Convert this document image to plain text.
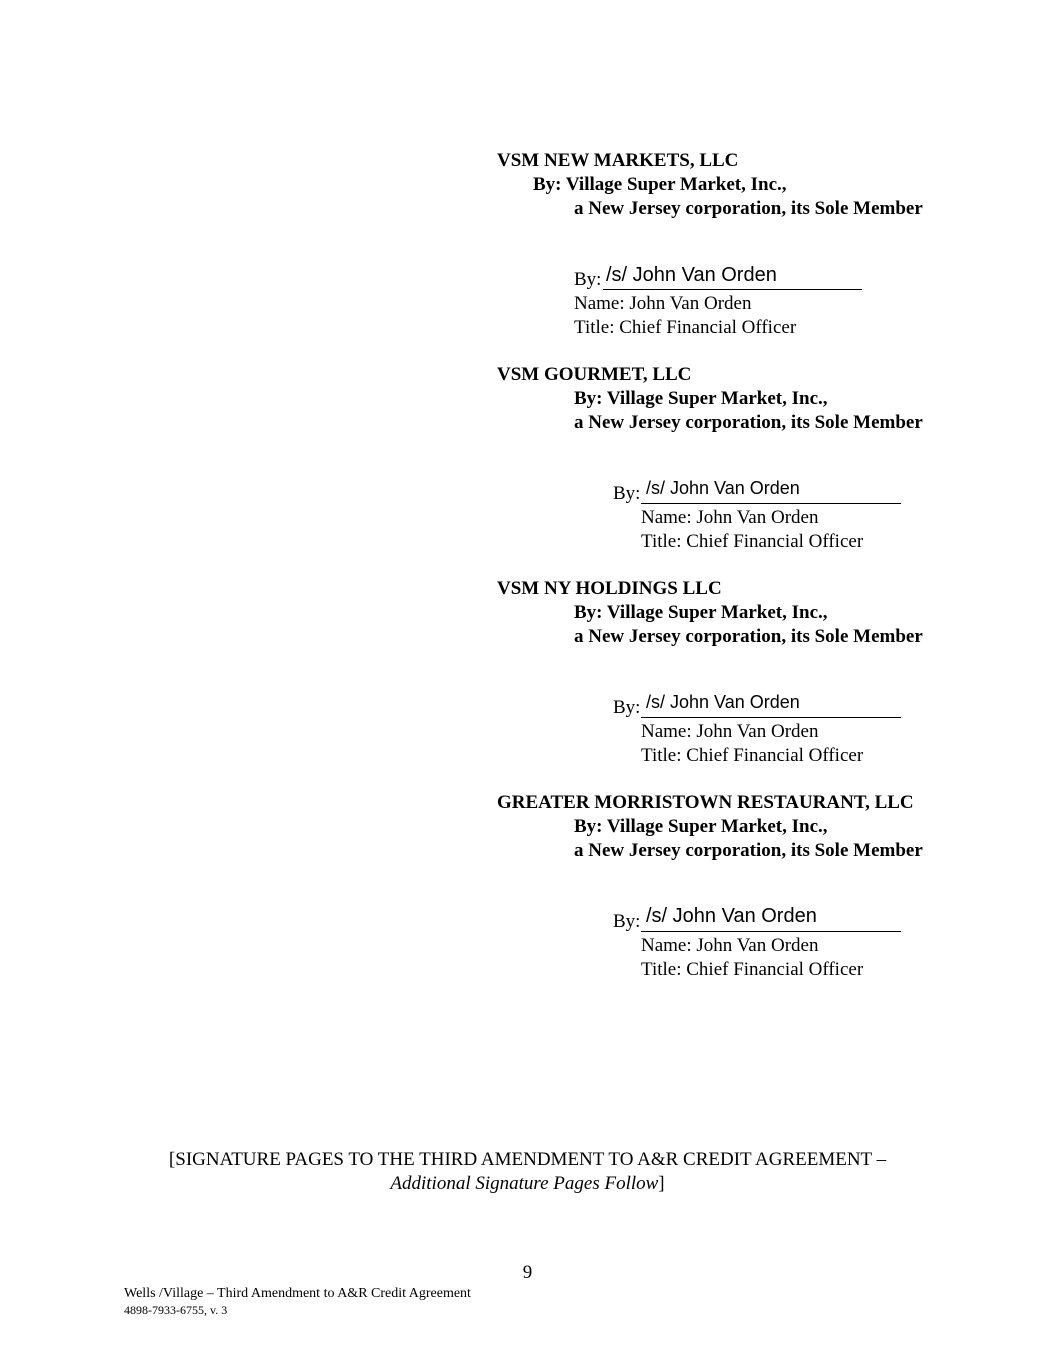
VSM NEW MARKETS, LLC
By: Village Super Market, Inc.,
a New Jersey corporation, its Sole Member
By: /s/ John Van Orden
Name: John Van Orden
Title: Chief Financial Officer
VSM GOURMET, LLC
By: Village Super Market, Inc.,
a New Jersey corporation, its Sole Member
By: /s/ John Van Orden
Name: John Van Orden
Title: Chief Financial Officer
VSM NY HOLDINGS LLC
By: Village Super Market, Inc.,
a New Jersey corporation, its Sole Member
By: /s/ John Van Orden
Name: John Van Orden
Title: Chief Financial Officer
GREATER MORRISTOWN RESTAURANT, LLC
By: Village Super Market, Inc.,
a New Jersey corporation, its Sole Member
By: /s/ John Van Orden
Name: John Van Orden
Title: Chief Financial Officer
[SIGNATURE PAGES TO THE THIRD AMENDMENT TO A&R CREDIT AGREEMENT –
Additional Signature Pages Follow]
9
Wells /Village – Third Amendment to A&R Credit Agreement
4898-7933-6755, v. 3
